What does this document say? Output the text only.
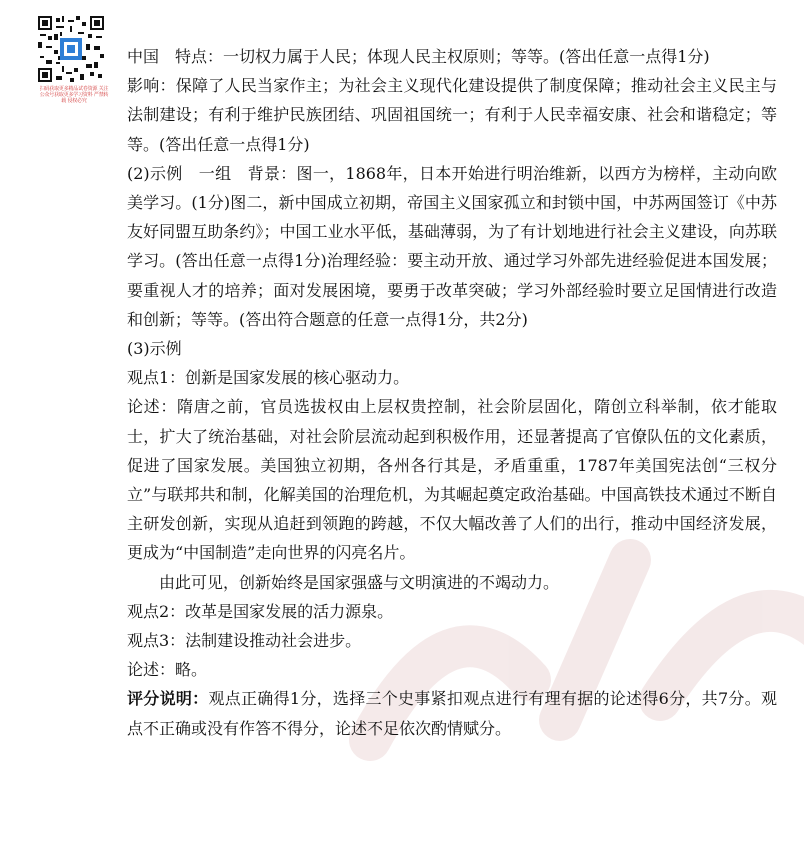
扫码获取更多精品试卷资源 关注公众号获取更多学习资料 严禁转载 侵权必究

中国　特点：一切权力属于人民；体现人民主权原则；等等。(答出任意一点得1分)

影响：保障了人民当家作主；为社会主义现代化建设提供了制度保障；推动社会主义民主与法制建设；有利于维护民族团结、巩固祖国统一；有利于人民幸福安康、社会和谐稳定；等等。(答出任意一点得1分)

(2)示例　一组　背景：图一，1868年，日本开始进行明治维新，以西方为榜样，主动向欧美学习。(1分)图二，新中国成立初期，帝国主义国家孤立和封锁中国，中苏两国签订《中苏友好同盟互助条约》；中国工业水平低，基础薄弱，为了有计划地进行社会主义建设，向苏联学习。(答出任意一点得1分)治理经验：要主动开放、通过学习外部先进经验促进本国发展；要重视人才的培养；面对发展困境，要勇于改革突破；学习外部经验时要立足国情进行改造和创新；等等。(答出符合题意的任意一点得1分，共2分)

(3)示例

观点1：创新是国家发展的核心驱动力。

论述：隋唐之前，官员选拔权由上层权贵控制，社会阶层固化，隋创立科举制，依才能取士，扩大了统治基础，对社会阶层流动起到积极作用，还显著提高了官僚队伍的文化素质，促进了国家发展。美国独立初期，各州各行其是，矛盾重重，1787年美国宪法创“三权分立”与联邦共和制，化解美国的治理危机，为其崛起奠定政治基础。中国高铁技术通过不断自主研发创新，实现从追赶到领跑的跨越，不仅大幅改善了人们的出行，推动中国经济发展，更成为“中国制造”走向世界的闪亮名片。

由此可见，创新始终是国家强盛与文明演进的不竭动力。

观点2：改革是国家发展的活力源泉。

观点3：法制建设推动社会进步。

论述：略。

评分说明：观点正确得1分，选择三个史事紧扣观点进行有理有据的论述得6分，共7分。观点不正确或没有作答不得分，论述不足依次酌情赋分。
